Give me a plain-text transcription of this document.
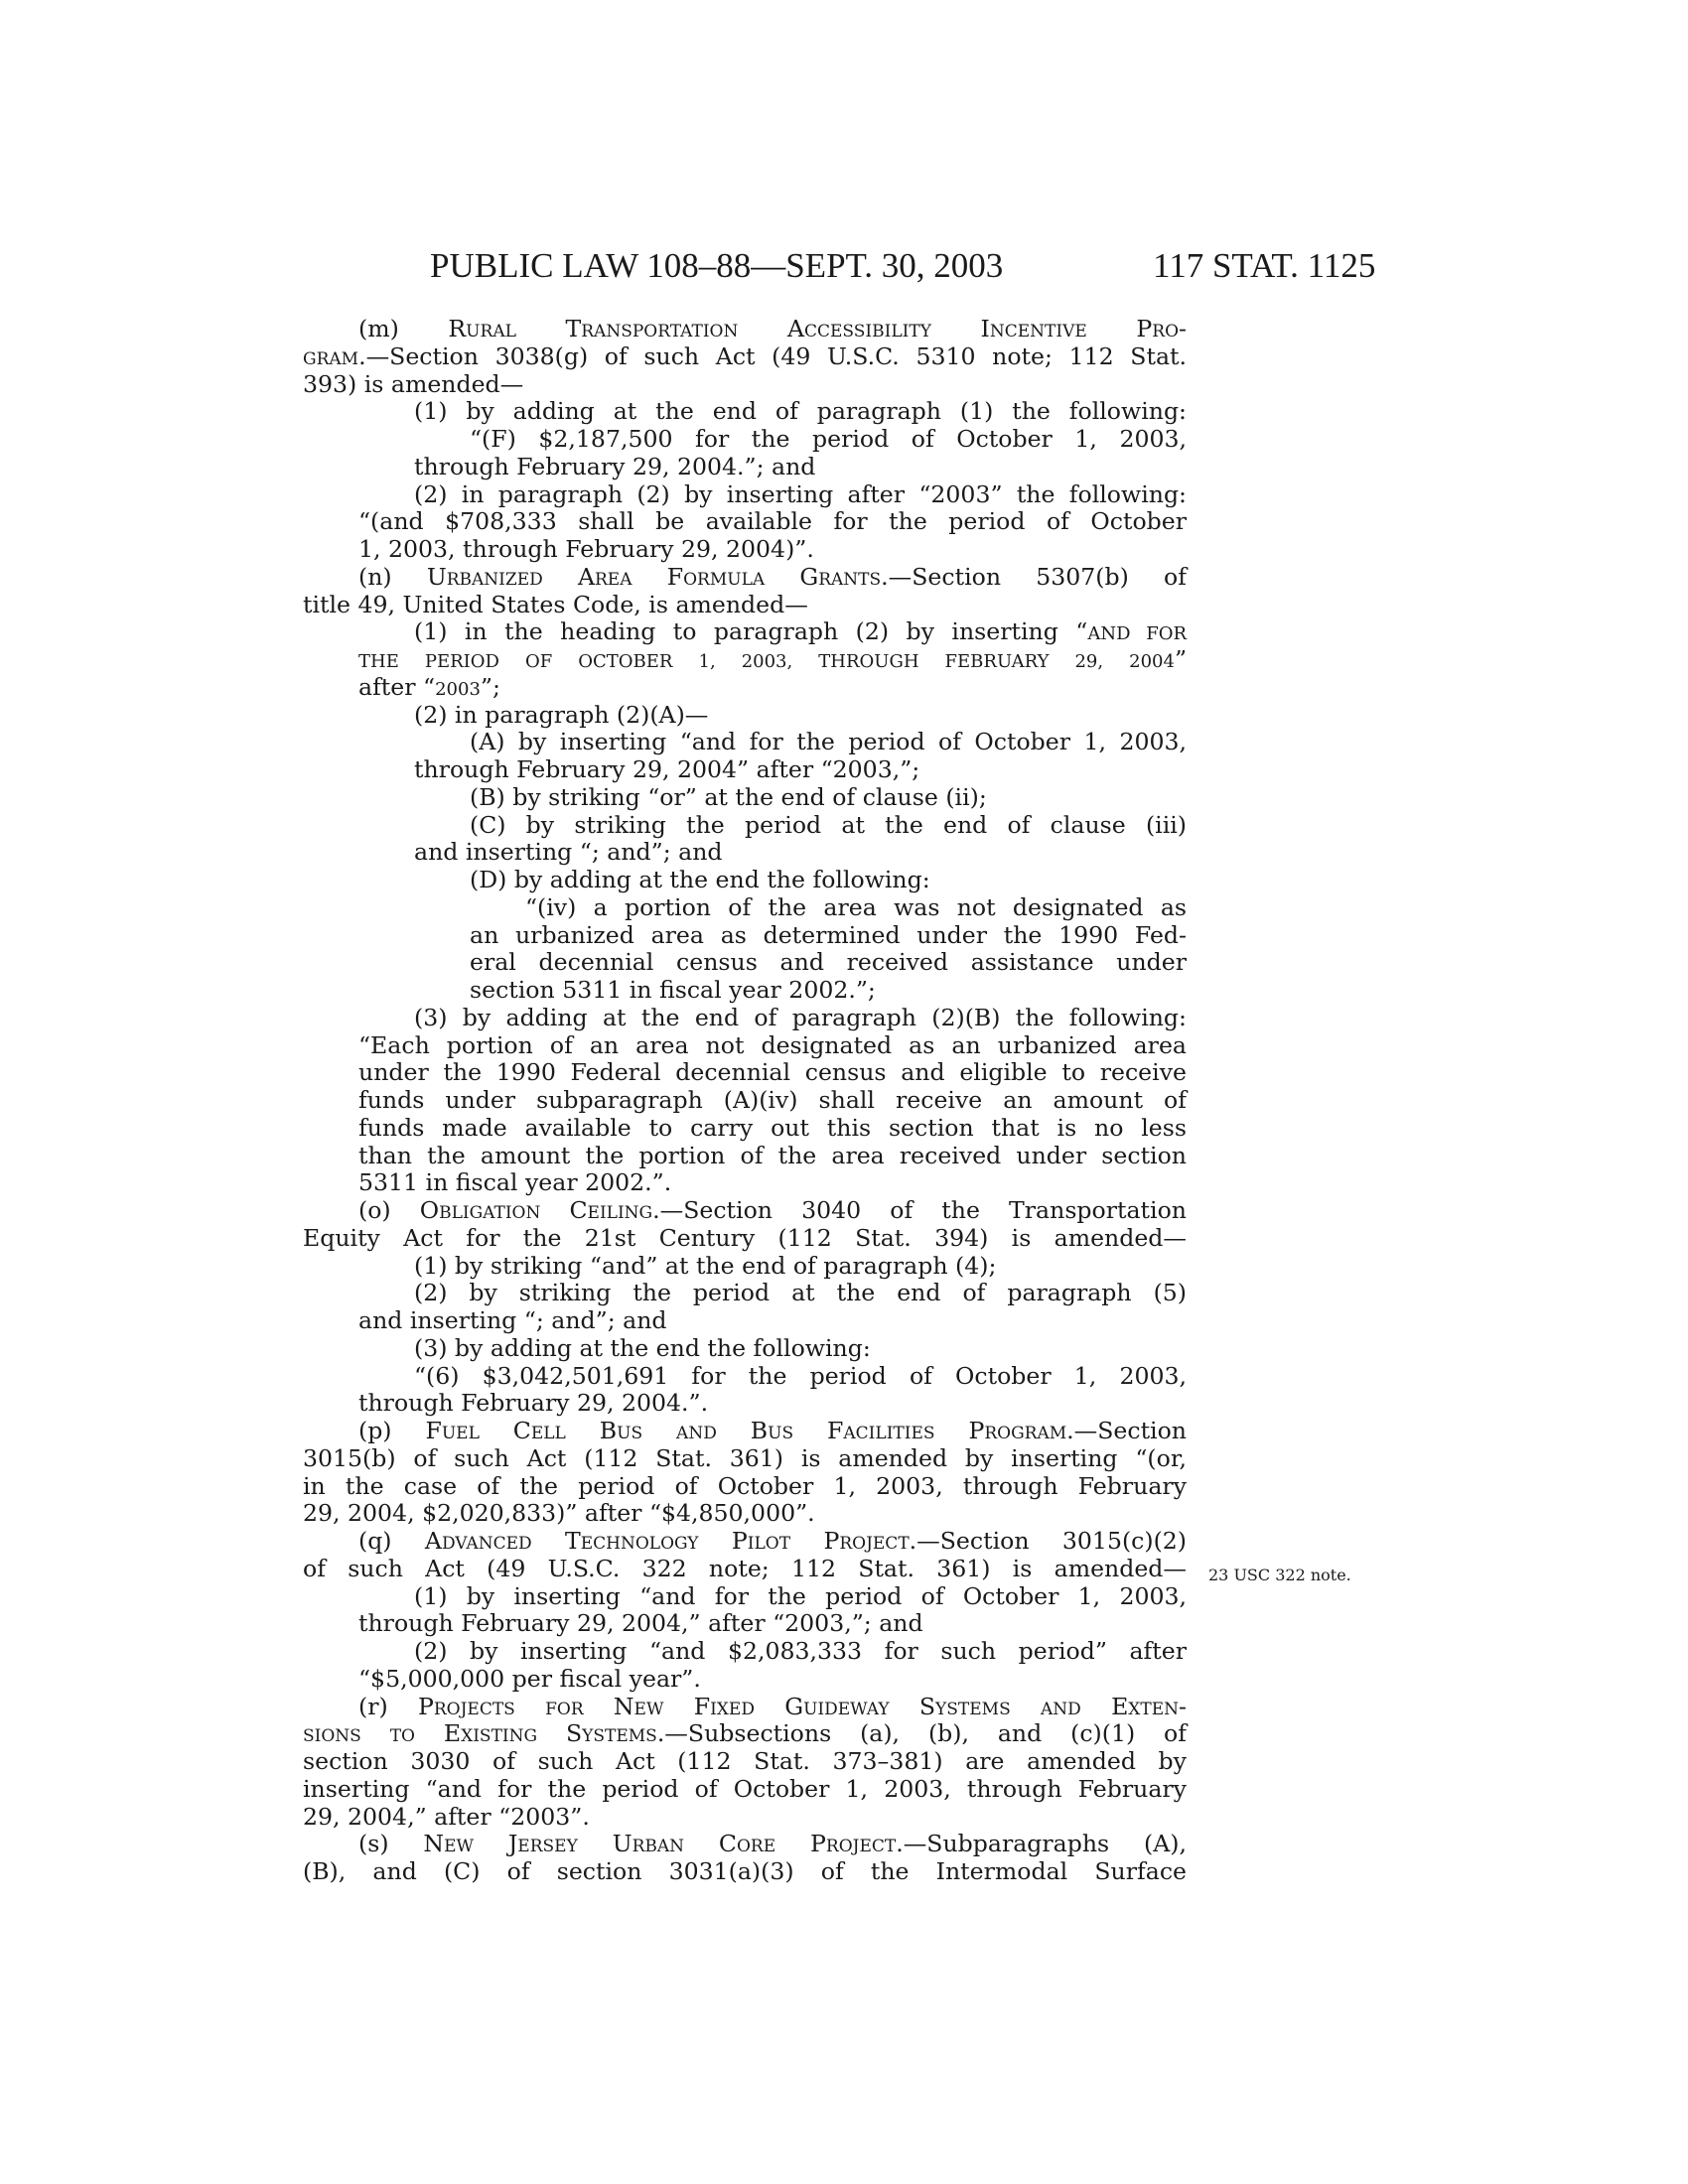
PUBLIC LAW 108–88—SEPT. 30, 2003	117 STAT. 1125
23 USC 322 note.
(m) Rural Transportation Accessibility Incentive Pro-
gram.—Section 3038(g) of such Act (49 U.S.C. 5310 note; 112 Stat.
393) is amended—
(1) by adding at the end of paragraph (1) the following:
“(F) $2,187,500 for the period of October 1, 2003,
through February 29, 2004.”; and
(2) in paragraph (2) by inserting after “2003” the following:
“(and $708,333 shall be available for the period of October
1, 2003, through February 29, 2004)”.
(n) Urbanized Area Formula Grants.—Section 5307(b) of
title 49, United States Code, is amended—
(1) in the heading to paragraph (2) by inserting “AND FOR
THE PERIOD OF OCTOBER 1, 2003, THROUGH FEBRUARY 29, 2004”
after “2003”;
(2) in paragraph (2)(A)—
(A) by inserting “and for the period of October 1, 2003,
through February 29, 2004” after “2003,”;
(B) by striking “or” at the end of clause (ii);
(C) by striking the period at the end of clause (iii)
and inserting “; and”; and
(D) by adding at the end the following:
“(iv) a portion of the area was not designated as
an urbanized area as determined under the 1990 Fed-
eral decennial census and received assistance under
section 5311 in fiscal year 2002.”;
(3) by adding at the end of paragraph (2)(B) the following:
“Each portion of an area not designated as an urbanized area
under the 1990 Federal decennial census and eligible to receive
funds under subparagraph (A)(iv) shall receive an amount of
funds made available to carry out this section that is no less
than the amount the portion of the area received under section
5311 in fiscal year 2002.”.
(o) Obligation Ceiling.—Section 3040 of the Transportation
Equity Act for the 21st Century (112 Stat. 394) is amended—
(1) by striking “and” at the end of paragraph (4);
(2) by striking the period at the end of paragraph (5)
and inserting “; and”; and
(3) by adding at the end the following:
“(6) $3,042,501,691 for the period of October 1, 2003,
through February 29, 2004.”.
(p) Fuel Cell Bus and Bus Facilities Program.—Section
3015(b) of such Act (112 Stat. 361) is amended by inserting “(or,
in the case of the period of October 1, 2003, through February
29, 2004, $2,020,833)” after “$4,850,000”.
(q) Advanced Technology Pilot Project.—Section 3015(c)(2)
of such Act (49 U.S.C. 322 note; 112 Stat. 361) is amended—
(1) by inserting “and for the period of October 1, 2003,
through February 29, 2004,” after “2003,”; and
(2) by inserting “and $2,083,333 for such period” after
“$5,000,000 per fiscal year”.
(r) Projects for New Fixed Guideway Systems and Exten-
sions to Existing Systems.—Subsections (a), (b), and (c)(1) of
section 3030 of such Act (112 Stat. 373–381) are amended by
inserting “and for the period of October 1, 2003, through February
29, 2004,” after “2003”.
(s) New Jersey Urban Core Project.—Subparagraphs (A),
(B), and (C) of section 3031(a)(3) of the Intermodal Surface
